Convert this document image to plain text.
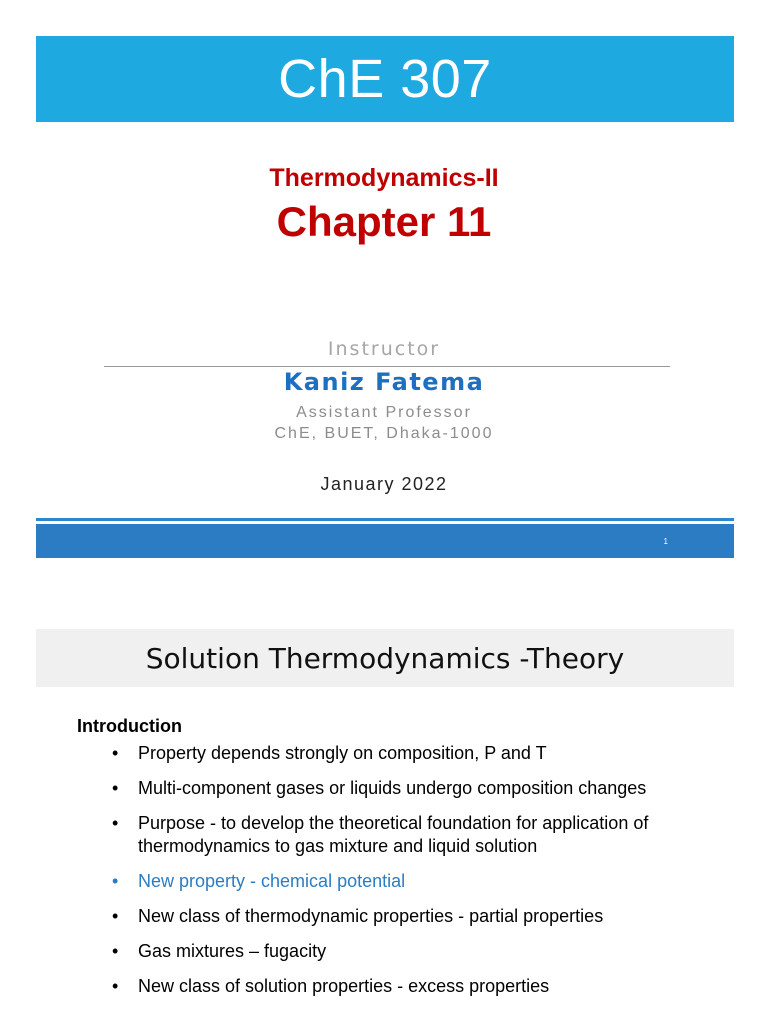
ChE 307
Thermodynamics-II
Chapter 11
Instructor
Kaniz Fatema
Assistant Professor
ChE, BUET, Dhaka-1000
January 2022
1
Solution Thermodynamics -Theory
Introduction
• Property depends strongly on composition, P and T
• Multi-component gases or liquids undergo composition changes
• Purpose - to develop the theoretical foundation for application of thermodynamics to gas mixture and liquid solution
• New property - chemical potential
• New class of thermodynamic properties - partial properties
• Gas mixtures – fugacity
• New class of solution properties - excess properties
